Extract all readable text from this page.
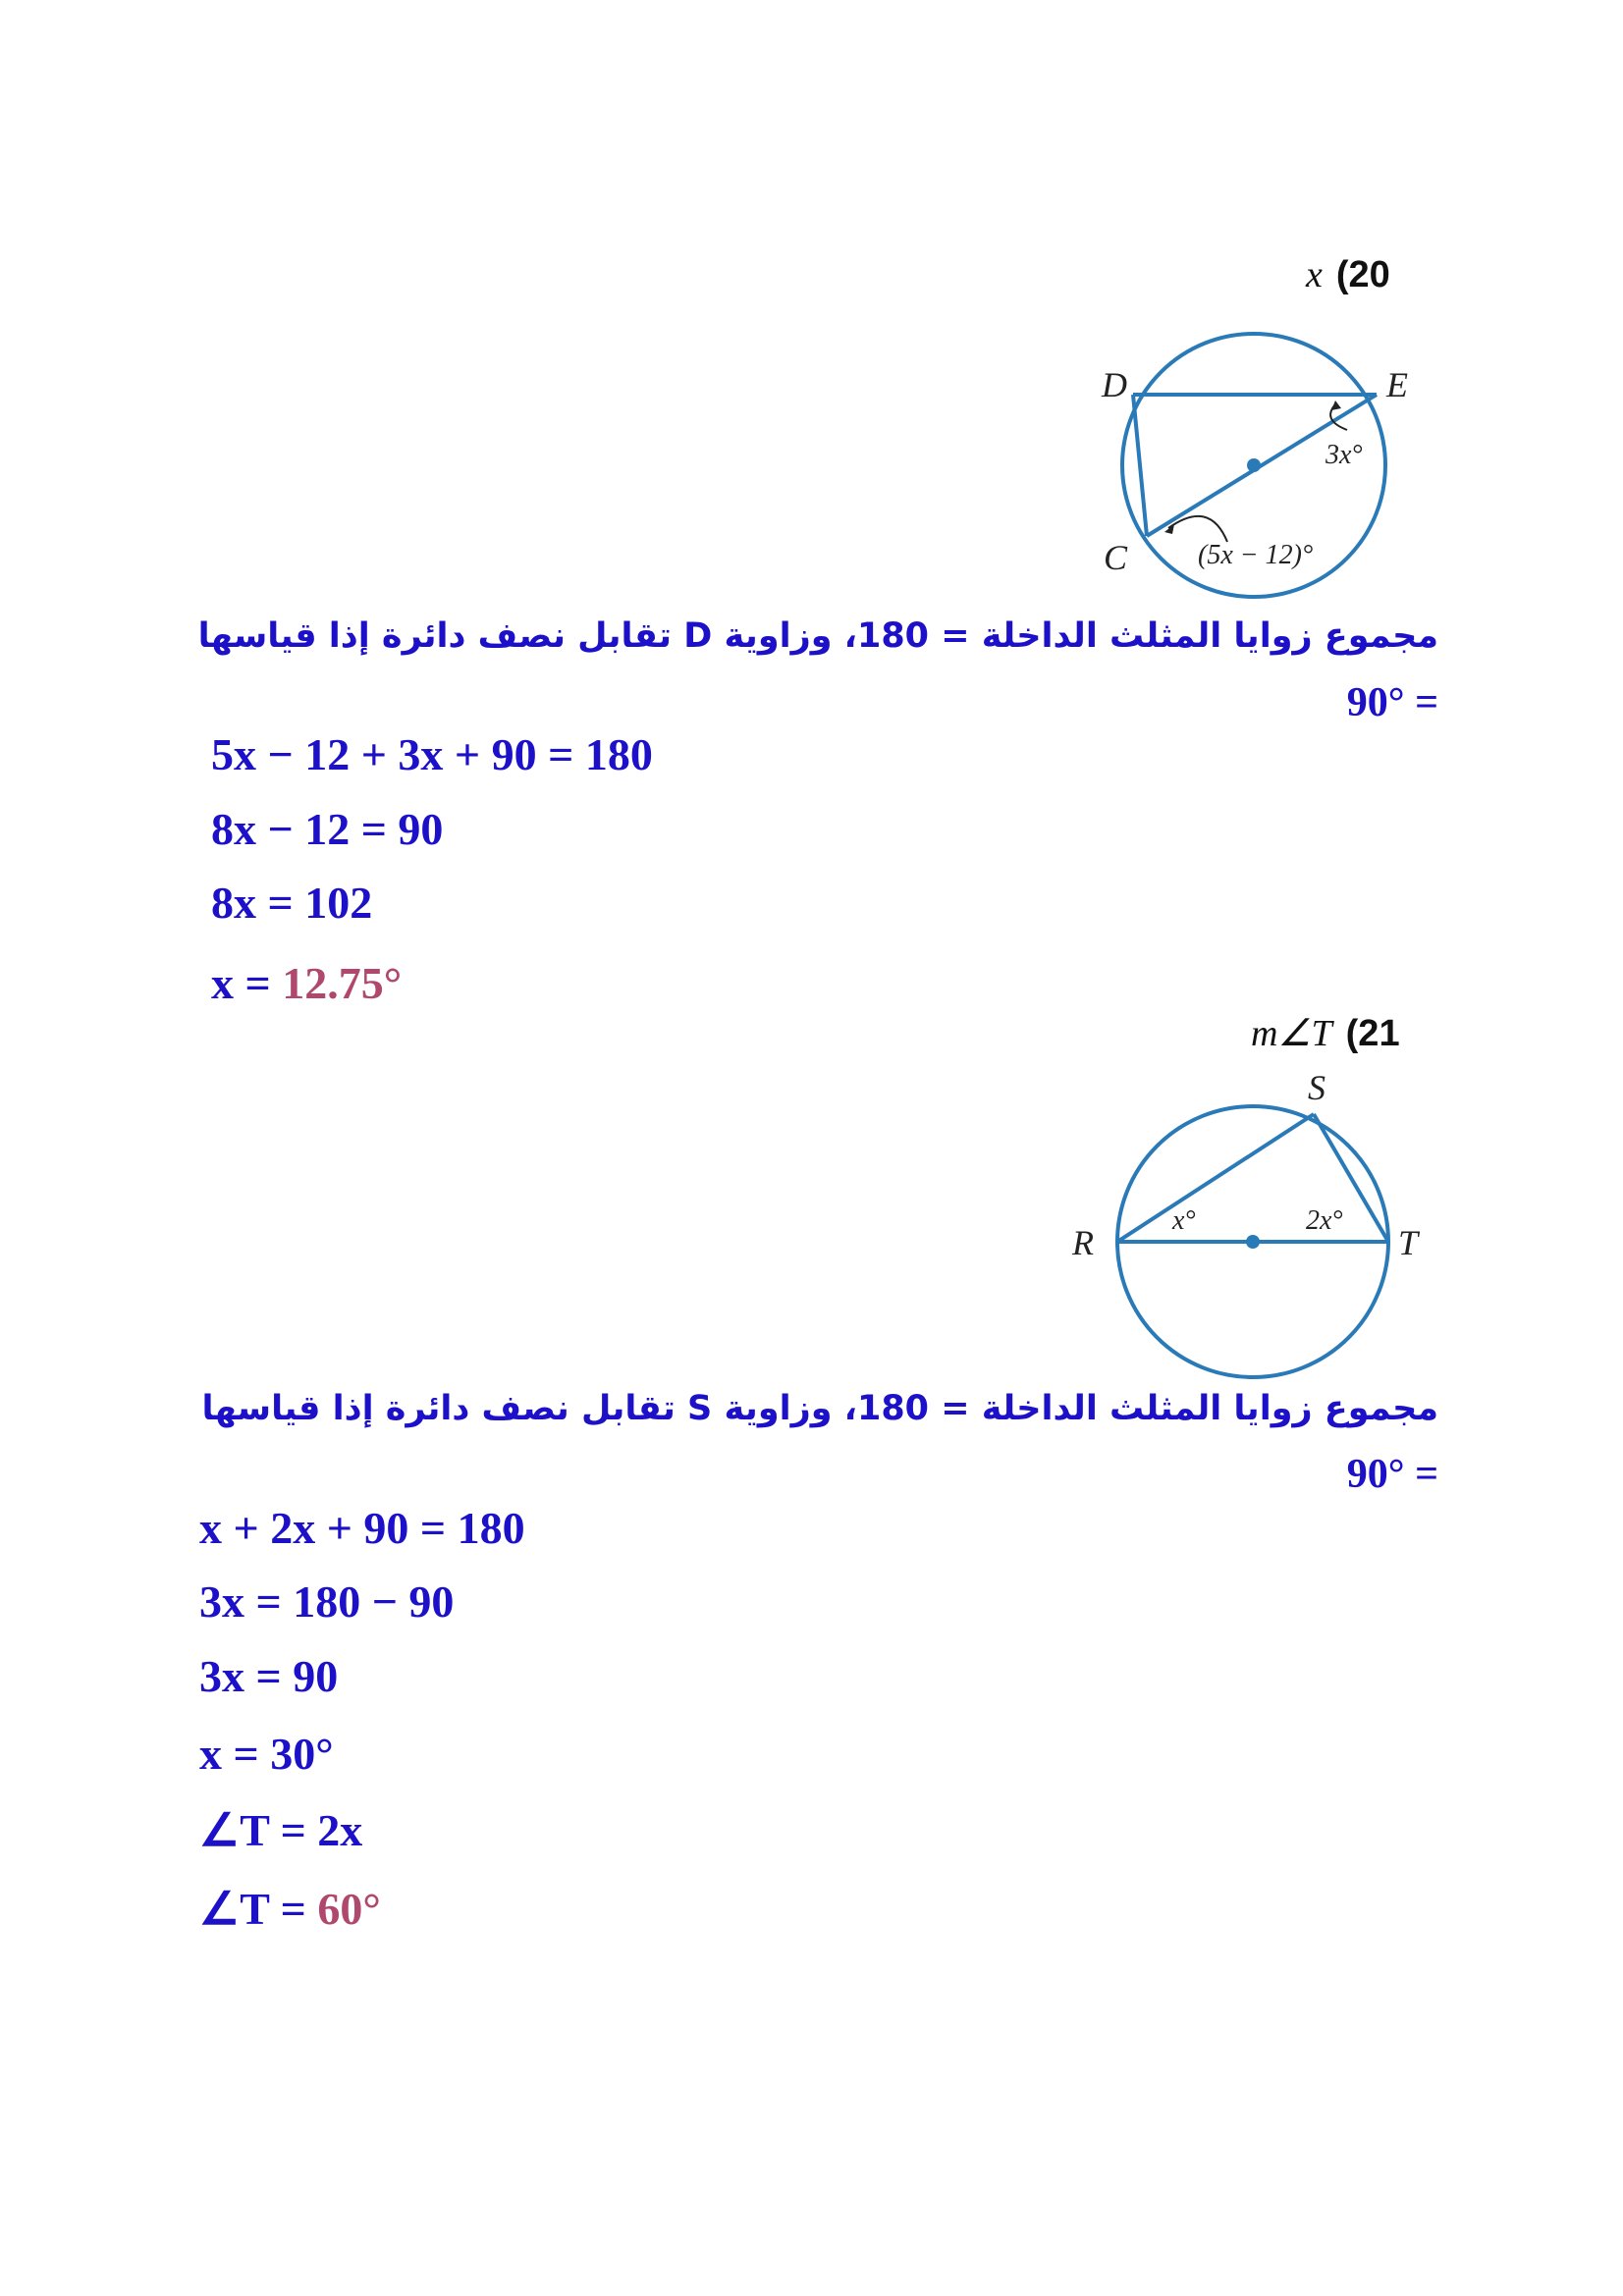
x (20
D	E
C
3x°
(5x − 12)°
مجموع زوايا المثلث الداخلة = 180، وزاوية D تقابل نصف دائرة إذا قياسها
= 90°
5x − 12 + 3x + 90 = 180
8x − 12 = 90
8x = 102
x = 12.75°
m∠T (21
S
R	T
x°	2x°
مجموع زوايا المثلث الداخلة = 180، وزاوية S تقابل نصف دائرة إذا قياسها
= 90°
x + 2x + 90 = 180
3x = 180 − 90
3x = 90
x = 30°
∠T = 2x
∠T = 60°
